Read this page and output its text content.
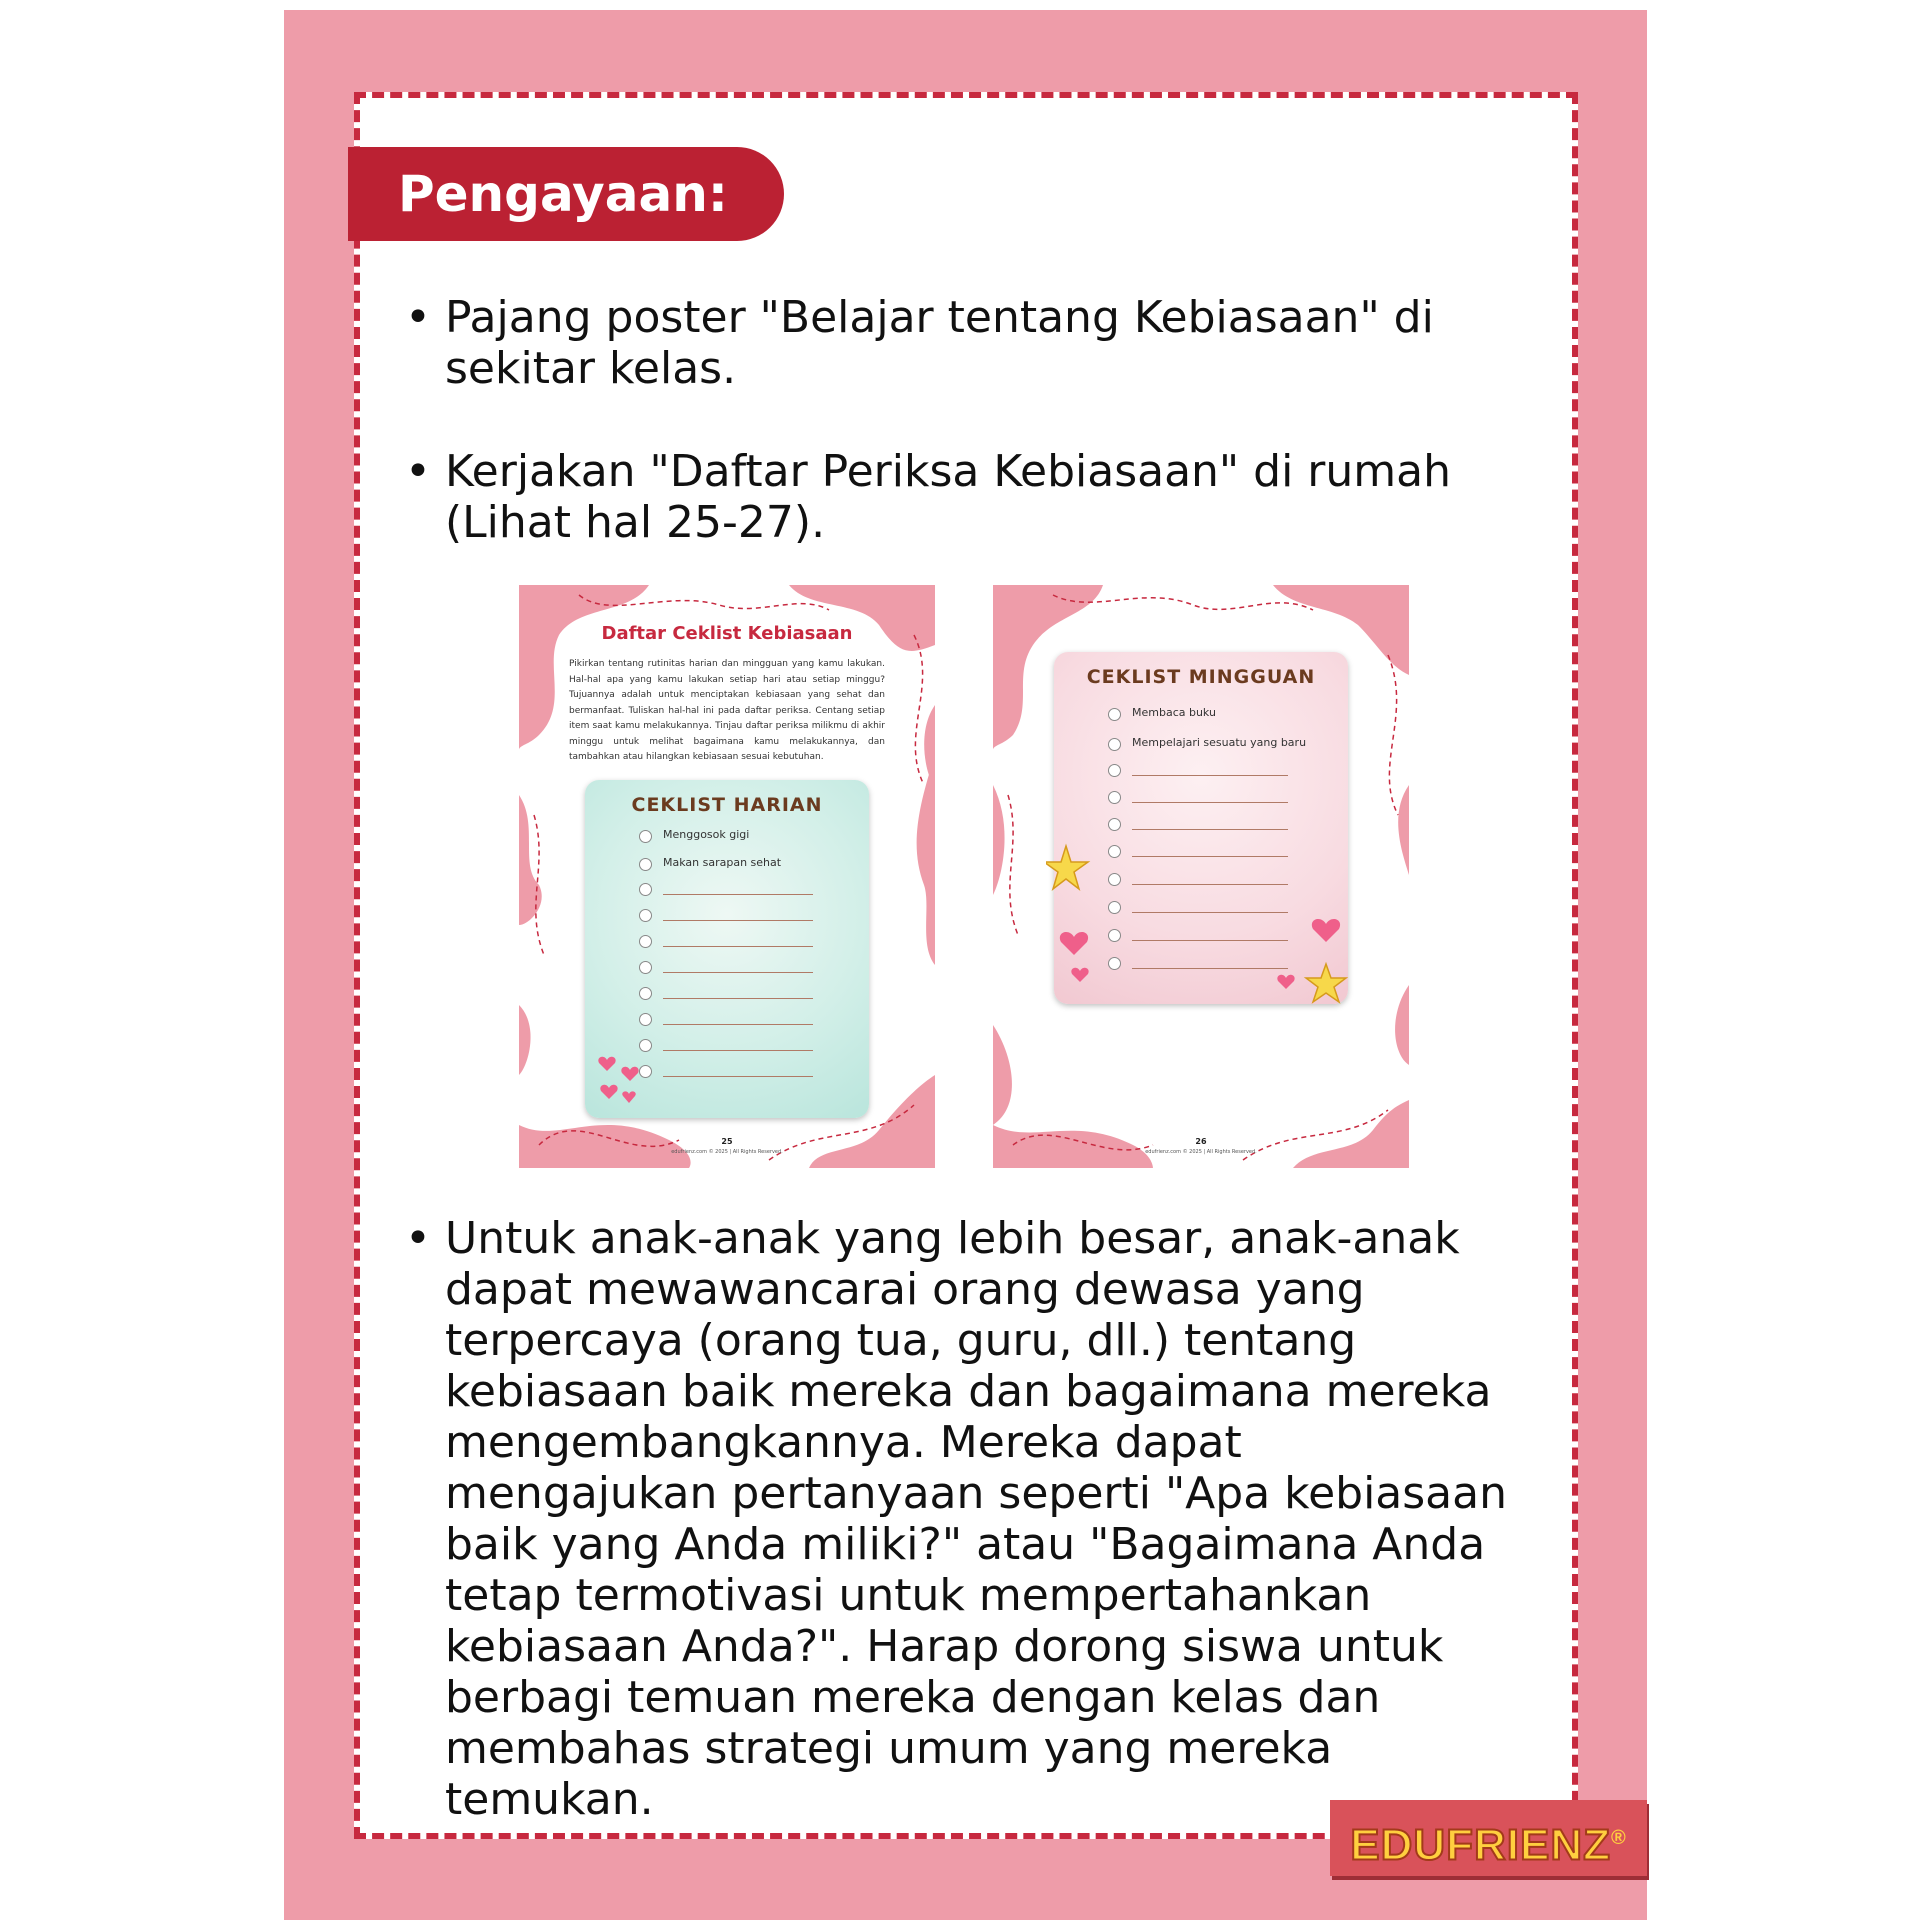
Pengayaan:
• Pajang poster "Belajar tentang Kebiasaan" di sekitar kelas.
• Kerjakan "Daftar Periksa Kebiasaan" di rumah (Lihat hal 25-27).
Daftar Ceklist Kebiasaan
Pikirkan tentang rutinitas harian dan mingguan yang kamu lakukan. Hal-hal apa yang kamu lakukan setiap hari atau setiap minggu? Tujuannya adalah untuk menciptakan kebiasaan yang sehat dan bermanfaat. Tuliskan hal-hal ini pada daftar periksa. Centang setiap item saat kamu melakukannya. Tinjau daftar periksa milikmu di akhir minggu untuk melihat bagaimana kamu melakukannya, dan tambahkan atau hilangkan kebiasaan sesuai kebutuhan.
CEKLIST HARIAN
Menggosok gigi
Makan sarapan sehat
25
edufrienz.com © 2025 | All Rights Reserved.
CEKLIST MINGGUAN
Membaca buku
Mempelajari sesuatu yang baru
26
edufrienz.com © 2025 | All Rights Reserved.
• Untuk anak-anak yang lebih besar, anak-anak dapat mewawancarai orang dewasa yang terpercaya (orang tua, guru, dll.) tentang kebiasaan baik mereka dan bagaimana mereka mengembangkannya. Mereka dapat mengajukan pertanyaan seperti "Apa kebiasaan baik yang Anda miliki?" atau "Bagaimana Anda tetap termotivasi untuk mempertahankan kebiasaan Anda?". Harap dorong siswa untuk berbagi temuan mereka dengan kelas dan membahas strategi umum yang mereka temukan.
EDUFRIENZ®
